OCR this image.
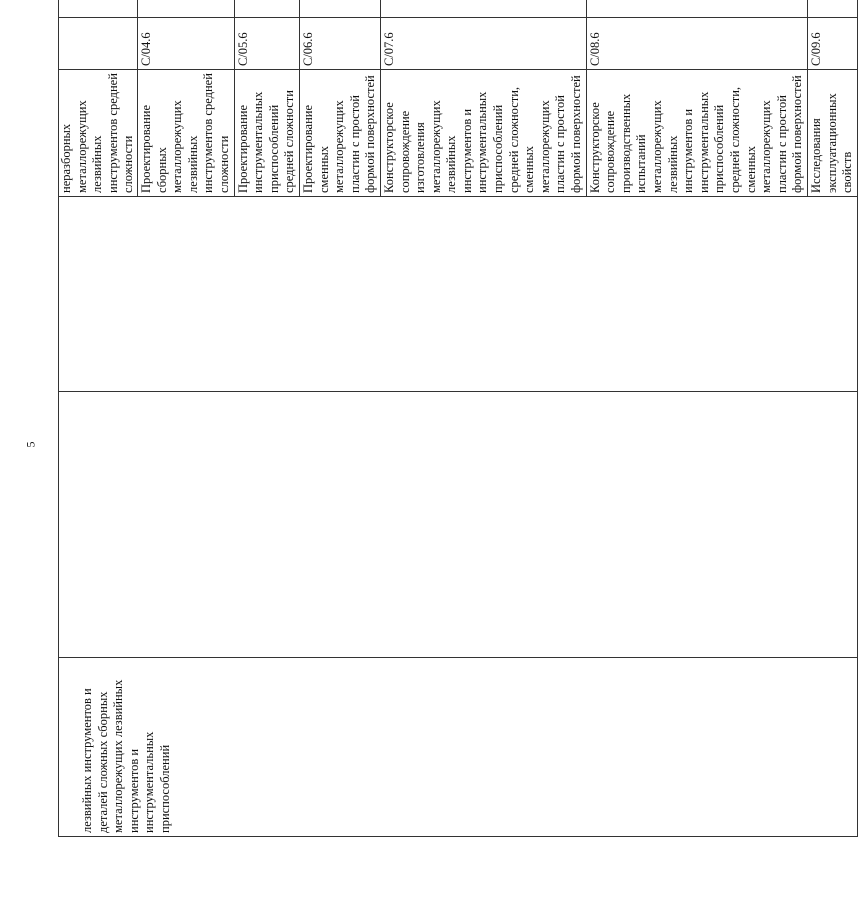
5
лезвийных инструментов и деталей сложных сборных металлорежущих лезвийных инструментов и инструментальных приспособлений			неразборных металлорежущих лезвийных инструментов средней сложности			

			Проектирование сборных металлорежущих лезвийных инструментов средней сложности	C/04.6	
			Проектирование инструментальных приспособлений средней сложности	C/05.6	
			Проектирование сменных металлорежущих пластин с простой формой поверхностей	C/06.6	
			Конструкторское сопровождение изготовления металлорежущих лезвийных инструментов и инструментальных приспособлений средней сложности, сменных металлорежущих пластин с простой формой поверхностей	C/07.6	
			Конструкторское сопровождение производственных испытаний металлорежущих лезвийных инструментов и инструментальных приспособлений средней сложности, сменных металлорежущих пластин с простой формой поверхностей	C/08.6	
			Исследования эксплуатационных свойств	C/09.6	
